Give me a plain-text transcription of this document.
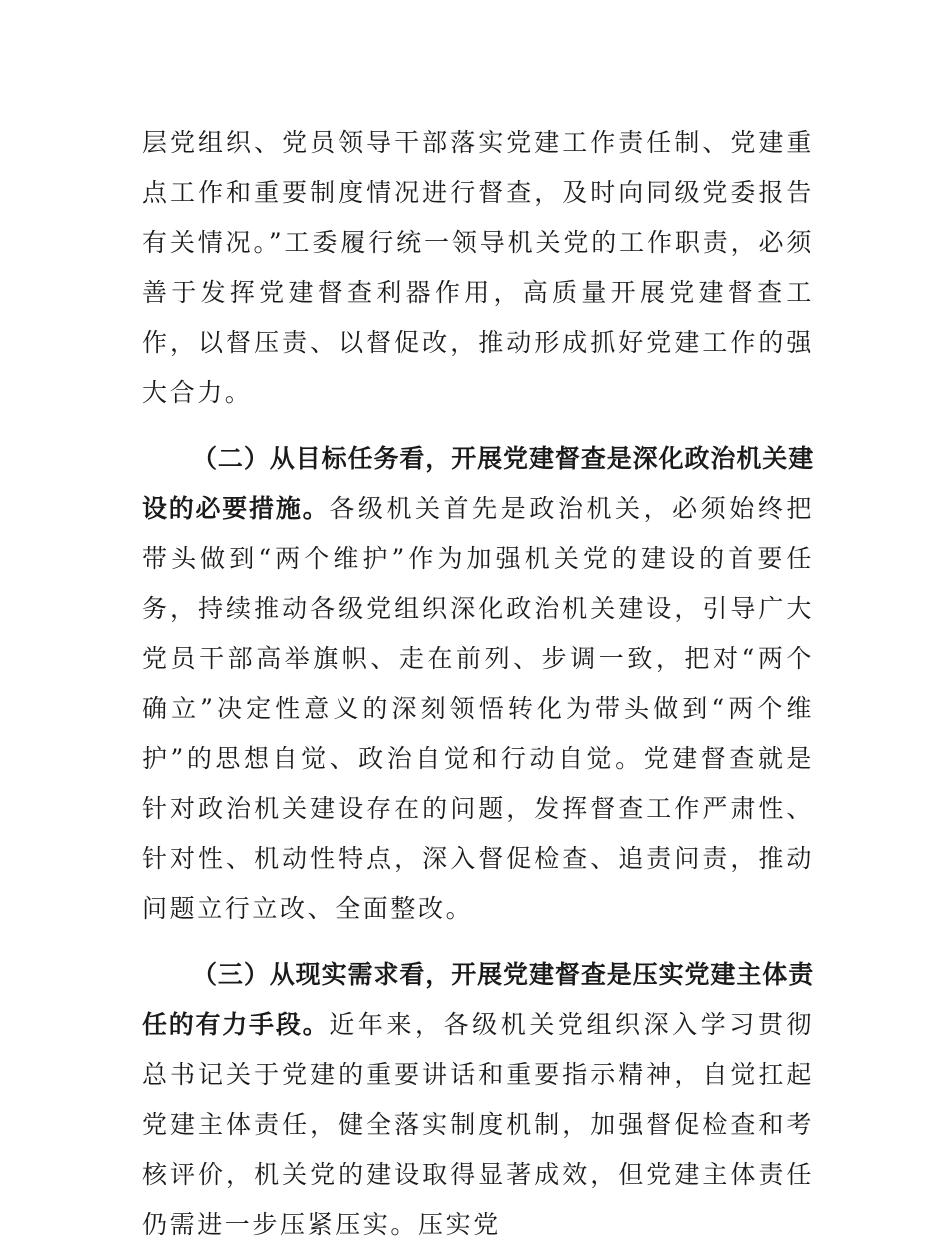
层党组织、党员领导干部落实党建工作责任制、党建重点工作和重要制度情况进行督查，及时向同级党委报告有关情况。”工委履行统一领导机关党的工作职责，必须善于发挥党建督查利器作用，高质量开展党建督查工作，以督压责、以督促改，推动形成抓好党建工作的强大合力。

（二）从目标任务看，开展党建督查是深化政治机关建设的必要措施。各级机关首先是政治机关，必须始终把带头做到“两个维护”作为加强机关党的建设的首要任务，持续推动各级党组织深化政治机关建设，引导广大党员干部高举旗帜、走在前列、步调一致，把对“两个确立”决定性意义的深刻领悟转化为带头做到“两个维护”的思想自觉、政治自觉和行动自觉。党建督查就是针对政治机关建设存在的问题，发挥督查工作严肃性、针对性、机动性特点，深入督促检查、追责问责，推动问题立行立改、全面整改。

（三）从现实需求看，开展党建督查是压实党建主体责任的有力手段。近年来，各级机关党组织深入学习贯彻总书记关于党建的重要讲话和重要指示精神，自觉扛起党建主体责任，健全落实制度机制，加强督促检查和考核评价，机关党的建设取得显著成效，但党建主体责任仍需进一步压紧压实。压实党
